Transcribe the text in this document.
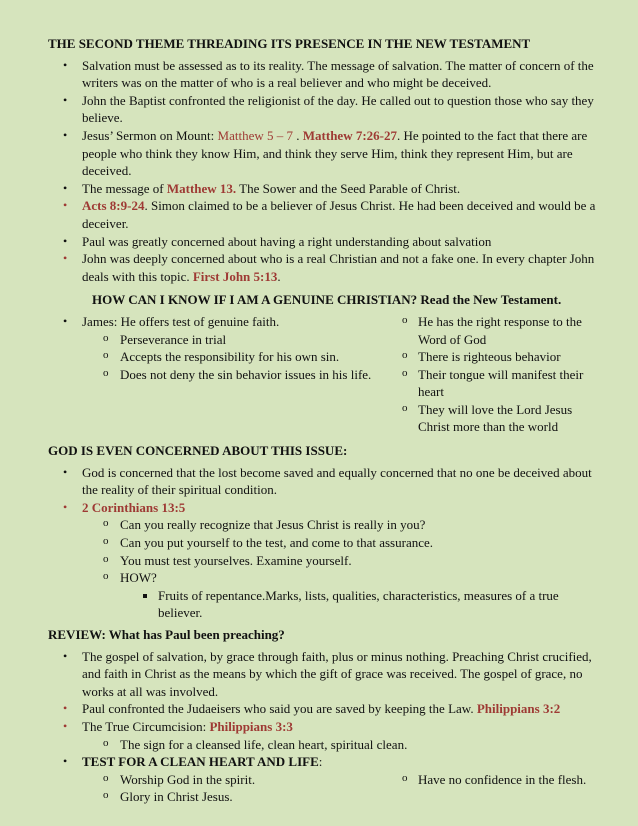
THE SECOND THEME THREADING ITS PRESENCE IN THE NEW TESTAMENT
• Salvation must be assessed as to its reality. The message of salvation. The matter of concern of the writers was on the matter of who is a real believer and who might be deceived.
• John the Baptist confronted the religionist of the day. He called out to question those who say they believe.
• Jesus’ Sermon on Mount: Matthew 5 – 7 . Matthew 7:26-27. He pointed to the fact that there are people who think they know Him, and think they serve Him, think they represent Him, but are deceived.
• The message of Matthew 13. The Sower and the Seed Parable of Christ.
• Acts 8:9-24. Simon claimed to be a believer of Jesus Christ. He had been deceived and would be a deceiver.
• Paul was greatly concerned about having a right understanding about salvation
• John was deeply concerned about who is a real Christian and not a fake one. In every chapter John deals with this topic. First John 5:13.
HOW CAN I KNOW IF I AM A GENUINE CHRISTIAN? Read the New Testament.
• James: He offers test of genuine faith.
o Perseverance in trial
o Accepts the responsibility for his own sin.
o Does not deny the sin behavior issues in his life.
o He has the right response to the Word of God
o There is righteous behavior
o Their tongue will manifest their heart
o They will love the Lord Jesus Christ more than the world
GOD IS EVEN CONCERNED ABOUT THIS ISSUE:
• God is concerned that the lost become saved and equally concerned that no one be deceived about the reality of their spiritual condition.
• 2 Corinthians 13:5
o Can you really recognize that Jesus Christ is really in you?
o Can you put yourself to the test, and come to that assurance.
o You must test yourselves. Examine yourself.
o HOW?
Fruits of repentance.Marks, lists, qualities, characteristics, measures of a true believer.
REVIEW: What has Paul been preaching?
• The gospel of salvation, by grace through faith, plus or minus nothing. Preaching Christ crucified, and faith in Christ as the means by which the gift of grace was received. The gospel of grace, no works at all was involved.
• Paul confronted the Judaeisers who said you are saved by keeping the Law. Philippians 3:2
• The True Circumcision: Philippians 3:3
o The sign for a cleansed life, clean heart, spiritual clean.
• TEST FOR A CLEAN HEART AND LIFE:
o Worship God in the spirit.
o Glory in Christ Jesus.
o Have no confidence in the flesh.
